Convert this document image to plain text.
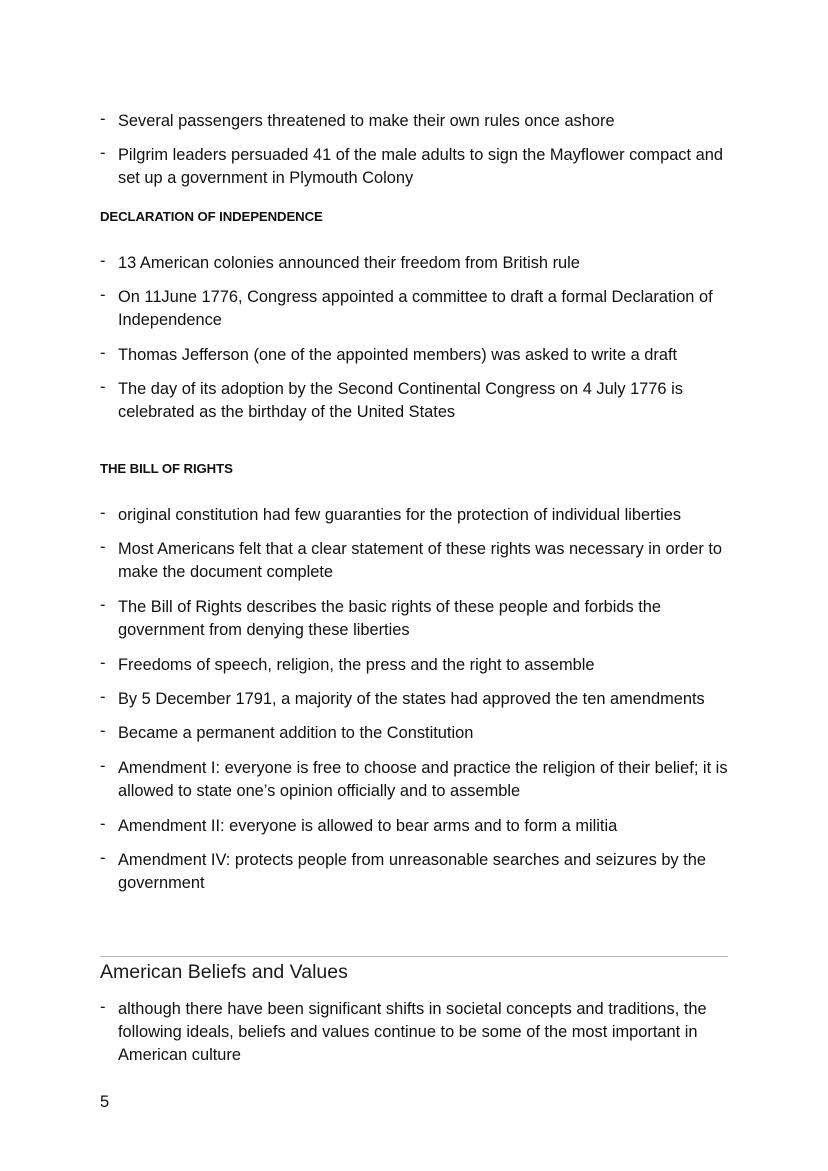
- Several passengers threatened to make their own rules once ashore
- Pilgrim leaders persuaded 41 of the male adults to sign the Mayflower compact and set up a government in Plymouth Colony
DECLARATION OF INDEPENDENCE
- 13 American colonies announced their freedom from British rule
- On 11June 1776, Congress appointed a committee to draft a formal Declaration of Independence
- Thomas Jefferson (one of the appointed members) was asked to write a draft
- The day of its adoption by the Second Continental Congress on 4 July 1776 is celebrated as the birthday of the United States
THE BILL OF RIGHTS
- original constitution had few guaranties for the protection of individual liberties
- Most Americans felt that a clear statement of these rights was necessary in order to make the document complete
- The Bill of Rights describes the basic rights of these people and forbids the government from denying these liberties
- Freedoms of speech, religion, the press and the right to assemble
- By 5 December 1791, a majority of the states had approved the ten amendments
- Became a permanent addition to the Constitution
- Amendment I: everyone is free to choose and practice the religion of their belief; it is allowed to state one’s opinion officially and to assemble
- Amendment II: everyone is allowed to bear arms and to form a militia
- Amendment IV: protects people from unreasonable searches and seizures by the government
American Beliefs and Values
- although there have been significant shifts in societal concepts and traditions, the following ideals, beliefs and values continue to be some of the most important in American culture
5
